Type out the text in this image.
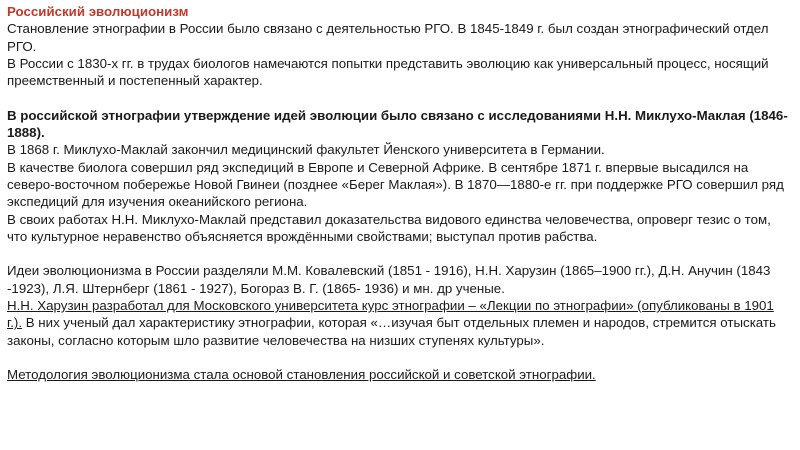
Российский эволюционизм

Становление этнографии в России было связано с деятельностью РГО. В 1845-1849 г. был создан этнографический отдел РГО.

В России с 1830-х гг. в трудах биологов намечаются попытки представить эволюцию как универсальный процесс, носящий преемственный и постепенный характер.

В российской этнографии утверждение идей эволюции было связано с исследованиями Н.Н. Миклухо-Маклая (1846-1888).

В 1868 г. Миклухо-Маклай закончил медицинский факультет Йенского университета в Германии.

В качестве биолога совершил ряд экспедиций в Европе и Северной Африке. В сентябре 1871 г. впервые высадился на северо-восточном побережье Новой Гвинеи (позднее «Берег Маклая»). В 1870—1880-е гг. при поддержке РГО совершил ряд экспедиций для изучения океанийского региона.

В своих работах Н.Н. Миклухо-Маклай представил доказательства видового единства человечества, опроверг тезис о том, что культурное неравенство объясняется врождёнными свойствами; выступал против рабства.

Идеи эволюционизма в России разделяли М.М. Ковалевский (1851 - 1916), Н.Н. Харузин (1865–1900 гг.), Д.Н. Анучин (1843 -1923), Л.Я. Штернберг (1861 - 1927), Богораз В. Г. (1865- 1936) и мн. др ученые.

Н.Н. Харузин разработал для Московского университета курс этнографии – «Лекции по этнографии» (опубликованы в 1901 г.). В них ученый дал характеристику этнографии, которая «…изучая быт отдельных племен и народов, стремится отыскать законы, согласно которым шло развитие человечества на низших ступенях культуры».

Методология эволюционизма стала основой становления российской и советской этнографии.
